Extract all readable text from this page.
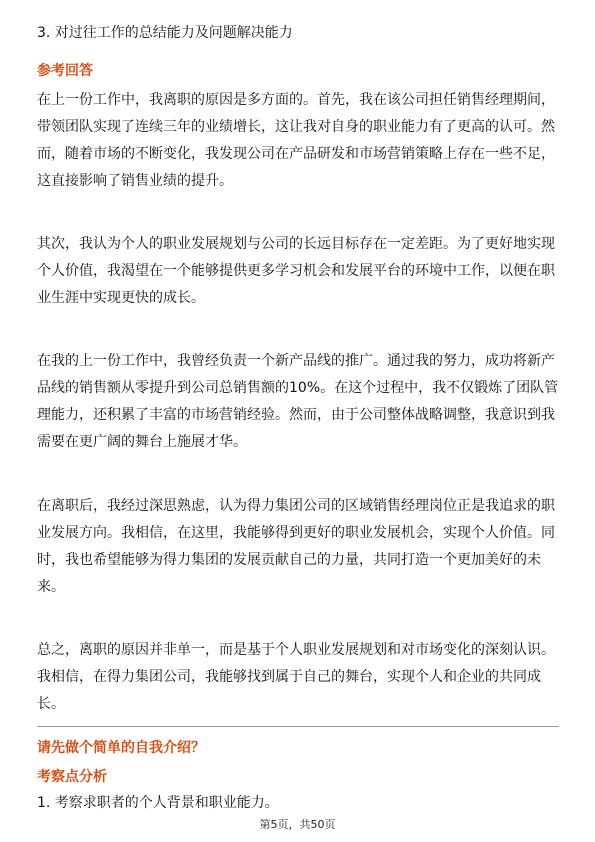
3. 对过往工作的总结能力及问题解决能力
参考回答
在上一份工作中，我离职的原因是多方面的。首先，我在该公司担任销售经理期间，带领团队实现了连续三年的业绩增长，这让我对自身的职业能力有了更高的认可。然而，随着市场的不断变化，我发现公司在产品研发和市场营销策略上存在一些不足，这直接影响了销售业绩的提升。
其次，我认为个人的职业发展规划与公司的长远目标存在一定差距。为了更好地实现个人价值，我渴望在一个能够提供更多学习机会和发展平台的环境中工作，以便在职业生涯中实现更快的成长。
在我的上一份工作中，我曾经负责一个新产品线的推广。通过我的努力，成功将新产品线的销售额从零提升到公司总销售额的10%。在这个过程中，我不仅锻炼了团队管理能力，还积累了丰富的市场营销经验。然而，由于公司整体战略调整，我意识到我需要在更广阔的舞台上施展才华。
在离职后，我经过深思熟虑，认为得力集团公司的区域销售经理岗位正是我追求的职业发展方向。我相信，在这里，我能够得到更好的职业发展机会，实现个人价值。同时，我也希望能够为得力集团的发展贡献自己的力量，共同打造一个更加美好的未来。
总之，离职的原因并非单一，而是基于个人职业发展规划和对市场变化的深刻认识。我相信，在得力集团公司，我能够找到属于自己的舞台，实现个人和企业的共同成长。
请先做个简单的自我介绍？
考察点分析
1. 考察求职者的个人背景和职业能力。
第5页，共50页
